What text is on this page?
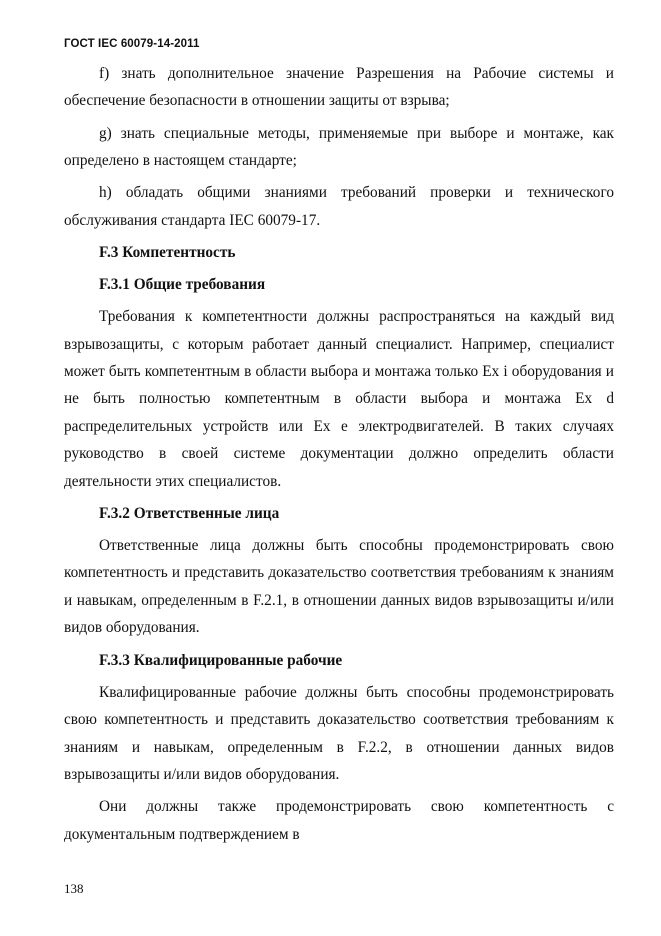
ГОСТ IEC 60079-14-2011

f) знать дополнительное значение Разрешения на Рабочие системы и обеспечение безопасности в отношении защиты от взрыва;

g) знать специальные методы, применяемые при выборе и монтаже, как определено в настоящем стандарте;

h) обладать общими знаниями требований проверки и технического обслуживания стандарта IEC 60079-17.

F.3 Компетентность
F.3.1 Общие требования

Требования к компетентности должны распространяться на каждый вид взрывозащиты, с которым работает данный специалист. Например, специалист может быть компетентным в области выбора и монтажа только Ex i оборудования и не быть полностью компетентным в области выбора и монтажа Ex d распределительных устройств или Ex e электродвигателей. В таких случаях руководство в своей системе документации должно определить области деятельности этих специалистов.

F.3.2 Ответственные лица

Ответственные лица должны быть способны продемонстрировать свою компетентность и представить доказательство соответствия требованиям к знаниям и навыкам, определенным в F.2.1, в отношении данных видов взрывозащиты и/или видов оборудования.

F.3.3 Квалифицированные рабочие

Квалифицированные рабочие должны быть способны продемонстрировать свою компетентность и представить доказательство соответствия требованиям к знаниям и навыкам, определенным в F.2.2, в отношении данных видов взрывозащиты и/или видов оборудования.

Они должны также продемонстрировать свою компетентность с документальным подтверждением в

138
